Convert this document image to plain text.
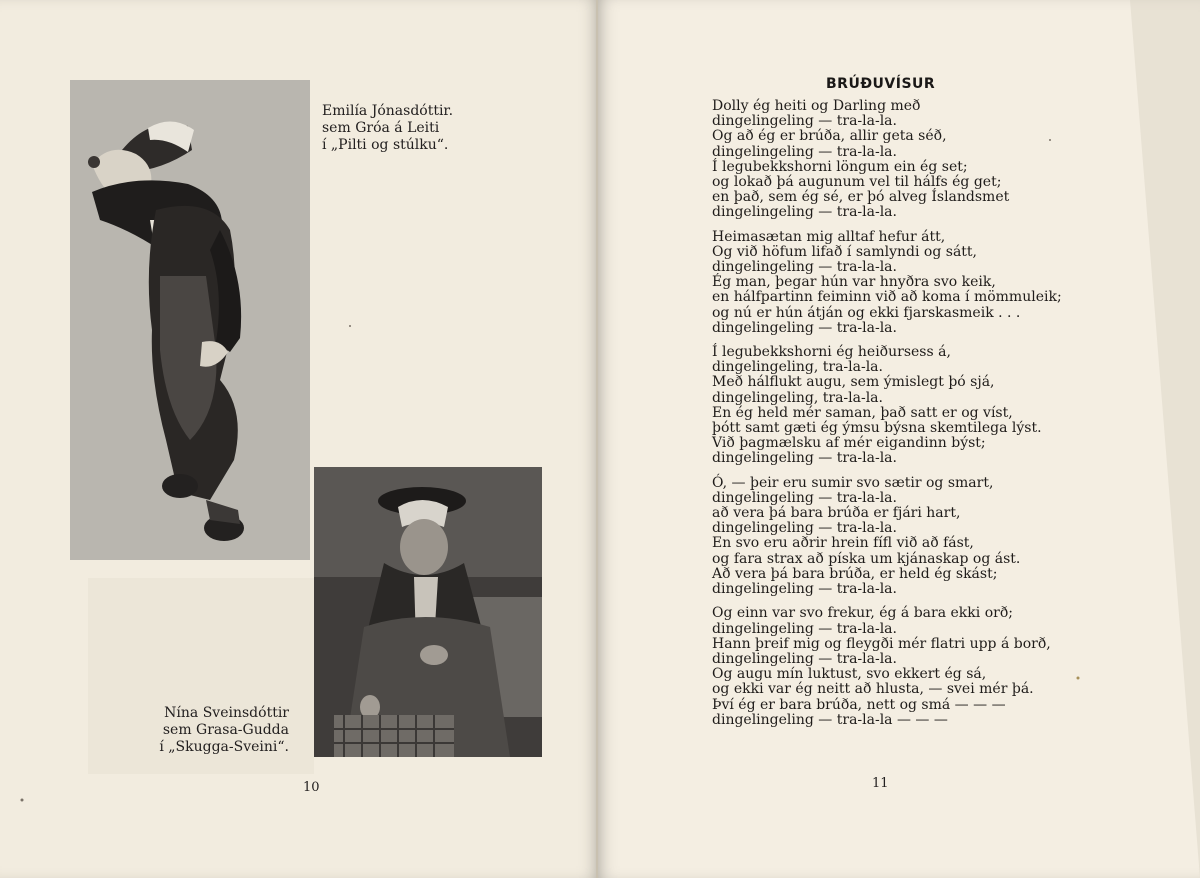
Emilía Jónasdóttir.

sem Gróa á Leiti

í „Pilti og stúlku“.

Nína Sveinsdóttir

sem Grasa-Gudda

í „Skugga-Sveini“.

10
BRÚÐUVÍSUR
Dolly ég heiti og Darling með
dingelingeling — tra-la-la.
Og að ég er brúða, allir geta séð,
dingelingeling — tra-la-la.
Í legubekkshorni löngum ein ég set;
og lokað þá augunum vel til hálfs ég get;
en það, sem ég sé, er þó alveg Íslandsmet
dingelingeling — tra-la-la.
Heimasætan mig alltaf hefur átt,
Og við höfum lifað í samlyndi og sátt,
dingelingeling — tra-la-la.
Ég man, þegar hún var hnyðra svo keik,
en hálfpartinn feiminn við að koma í mömmuleik;
og nú er hún átján og ekki fjarskasmeik . . .
dingelingeling — tra-la-la.
Í legubekkshorni ég heiðursess á,
dingelingeling, tra-la-la.
Með hálflukt augu, sem ýmislegt þó sjá,
dingelingeling, tra-la-la.
En ég held mér saman, það satt er og víst,
þótt samt gæti ég ýmsu býsna skemtilega lýst.
Við þagmælsku af mér eigandinn býst;
dingelingeling — tra-la-la.
Ó, — þeir eru sumir svo sætir og smart,
dingelingeling — tra-la-la.
að vera þá bara brúða er fjári hart,
dingelingeling — tra-la-la.
En svo eru aðrir hrein fífl við að fást,
og fara strax að píska um kjánaskap og ást.
Að vera þá bara brúða, er held ég skást;
dingelingeling — tra-la-la.
Og einn var svo frekur, ég á bara ekki orð;
dingelingeling — tra-la-la.
Hann þreif mig og fleygði mér flatri upp á borð,
dingelingeling — tra-la-la.
Og augu mín luktust, svo ekkert ég sá,
og ekki var ég neitt að hlusta, — svei mér þá.
Því ég er bara brúða, nett og smá — — —
dingelingeling — tra-la-la — — —
11
